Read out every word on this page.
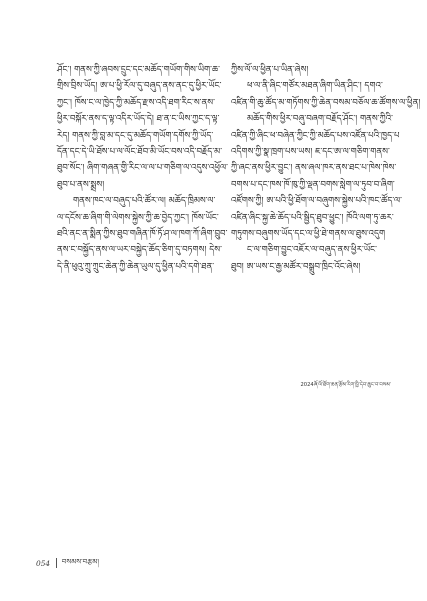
ཤོང་། གནས་ཀྱི་ཞབས་དྲུང་དང་མཆོད་གཡོག་གིས་ཡིག་ཆ་
གྲིས་བྲིས་ཡོད། ཨ་པ་ཕྱི་རོལ་དུ་བཞུད་ནས་ནང་དུ་ཕྱིར་ཡོང་
ཀྱང་། ཁོས་ང་ལ་ཁྱེད་ཀྱི་མཆོད་རྫས་འདི་ཐག་རིང་ས་ནས་
ཕྱིར་བསྐོར་ནས་ད་ལྟ་འདིར་ཡོད་དེ། ཐ་ན་ང་ཡིས་ཀྱང་ད་ལྟ་
རེད། གནས་ཀྱི་བླ་མ་དང་དུ་མཆོད་གཡོག་དགོས་ཀྱི་ཡོད་
དོན་དང་དེ་ཡི་ཐོས་པ་ལ་ལོང་ཐོབ་མི་ཡོང་བས་འདི་བརྗོད་མ་
ཐུབ་སོང་། ཞིག་གཞན་གྱི་རིང་ལ་ལ་པ་གཅིག་ལ་འདུས་འཕྱོལ་
ཐུབ་པ་ནས་སྨྲས།
གནས་ཁང་ལ་བཞུད་པའི་ཚོར་ལ། མཆོད་ཁྲིམས་ལ་
ལ་དངོས་ཆ་ཞིག་གི་ལེགས་སྐྱེས་ཀྱི་ཆ་བྱེད་ཀྱང་། ཁོས་ཡོང་
ཐའི་ནང་ན་སྨིན་ཀྱིས་ཐུབ་གཞིན་ཁོ་ཏོ་ཤ་ལ་ཁག་ཀོ་ཞིག་བྲུབ་
ནས་ང་བསྐྱོད་ནས་ལ་ཡར་བསྐྱེད་ཆོད་ཅིག་དུ་བཏགས། དེས་
དེ་ནི་ཕུའུ་ཀྲུ་ཀྲུང་ཆེན་ཀྱི་ཆེན་ཡུལ་དུ་ཕྱིན་པའི་དགེ་ཐན་
ཀྱིས་ལོ་ལ་ཕྱིན་པ་ཡིན་ཞེས།
ཕ་ལ་ནི་ཞིང་གཙོར་མཐན་ཞིག་ཡིན་ཤིང་། དགའ་
འཛིན་གི་ཆུ་ཚོད་མ་གཏོགས་ཀྱི་ཆེན་བསམ་བཅོལ་ཆ་ཚོགས་ལ་ཕྱིན།
མཆོད་གིས་ཕྱིར་བཞུ་བཞག་བརྗོད་ཤོང་། གནས་ཀྱིའི་
འཛིན་ཀྱི་ཞིང་ཕ་བཞེན་ཀྱིང་ཀྱི་མཆོད་པས་འཛོན་པའི་ཁྱད་པ
འདིགས་ཀྱི་སྣ་ཁྲག་པས་ཡས། ཇ་དང་ཨ་ལ་གཅིག་གནས་
ཀྱི་ཞང་ནས་ཕྱིར་བྱུང་། ནས་ཞལ་ཁར་ནས་ཐང་པ་ཁེས་ཁེས་
བགས་པ་དང་ཁས་ཁོ་ཁུ་ཀྱི་ལྡན་བགས་སླེག་ལ་ཏུབ་བ་ཞིག་
འཛོགས་ཀྱི། ཨ་པའི་ཕྱི་ཐོག་ལ་བཞུགས་སྐྱེས་པའི་ཁང་ཚོད་ལ་
འཛིན་ཞིང་སྐྱ་ཆེ་ཆོད་པའི་སྦྱིད་ཐུབ་ཕྱུང་། ཁོའི་ལག་ཏུ་ཆར་
གཏུགས་བཞུགས་ཡོད་དང་ལ་ཕྱི་ཐེ་གནས་ལ་ཐུས་འདུག
ང་ལ་གཅིག་བྱུང་འཇོར་ལ་བཞུད་ནས་ཕྱིར་ཡོང་
ཐུབ། ཨ་ཡས་ང་རྒྱ་མཚོར་བསྒྲུབ་ཁྲིང་འོང་ཞེས།
2024ཞོ་ལོ་ཐོག་ཆན་རྩོམ་རིག་ཁྱི་དེབ་ཆུང་བ་བསམ་
054 བསམས་བརྩམ།
